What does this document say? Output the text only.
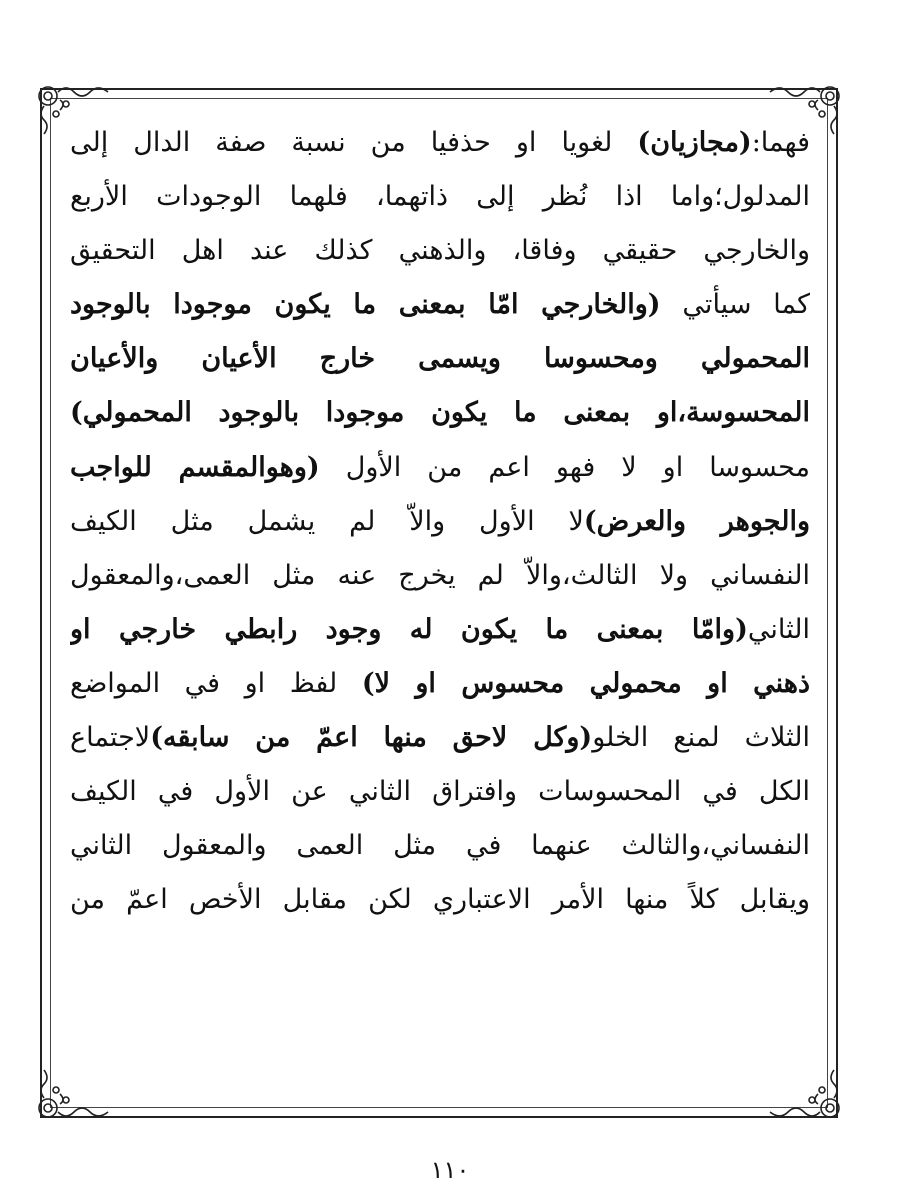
فهما:(مجازيان) لغويا او حذفيا من نسبة صفة الدال إلى
المدلول؛واما اذا نُظر إلى ذاتهما، فلهما الوجودات الأربع
والخارجي حقيقي وفاقا، والذهني كذلك عند اهل التحقيق
كما سيأتي (والخارجي امّا بمعنى ما يكون موجودا بالوجود
المحمولي ومحسوسا ويسمى خارج الأعيان والأعيان
المحسوسة،او بمعنى ما يكون موجودا بالوجود المحمولي)
محسوسا او لا فهو اعم من الأول (وهوالمقسم للواجب
والجوهر والعرض)لا الأول والاّ لم يشمل مثل الكيف
النفساني ولا الثالث،والاّ لم يخرج عنه مثل العمى،والمعقول
الثاني(وامّا بمعنى ما يكون له وجود رابطي خارجي او
ذهني او محمولي محسوس او لا) لفظ او في المواضع
الثلاث لمنع الخلو(وكل لاحق منها اعمّ من سابقه)لاجتماع
الكل في المحسوسات وافتراق الثاني عن الأول في الكيف
النفساني،والثالث عنهما في مثل العمى والمعقول الثاني
ويقابل كلاً منها الأمر الاعتباري لكن مقابل الأخص اعمّ من
١١٠
